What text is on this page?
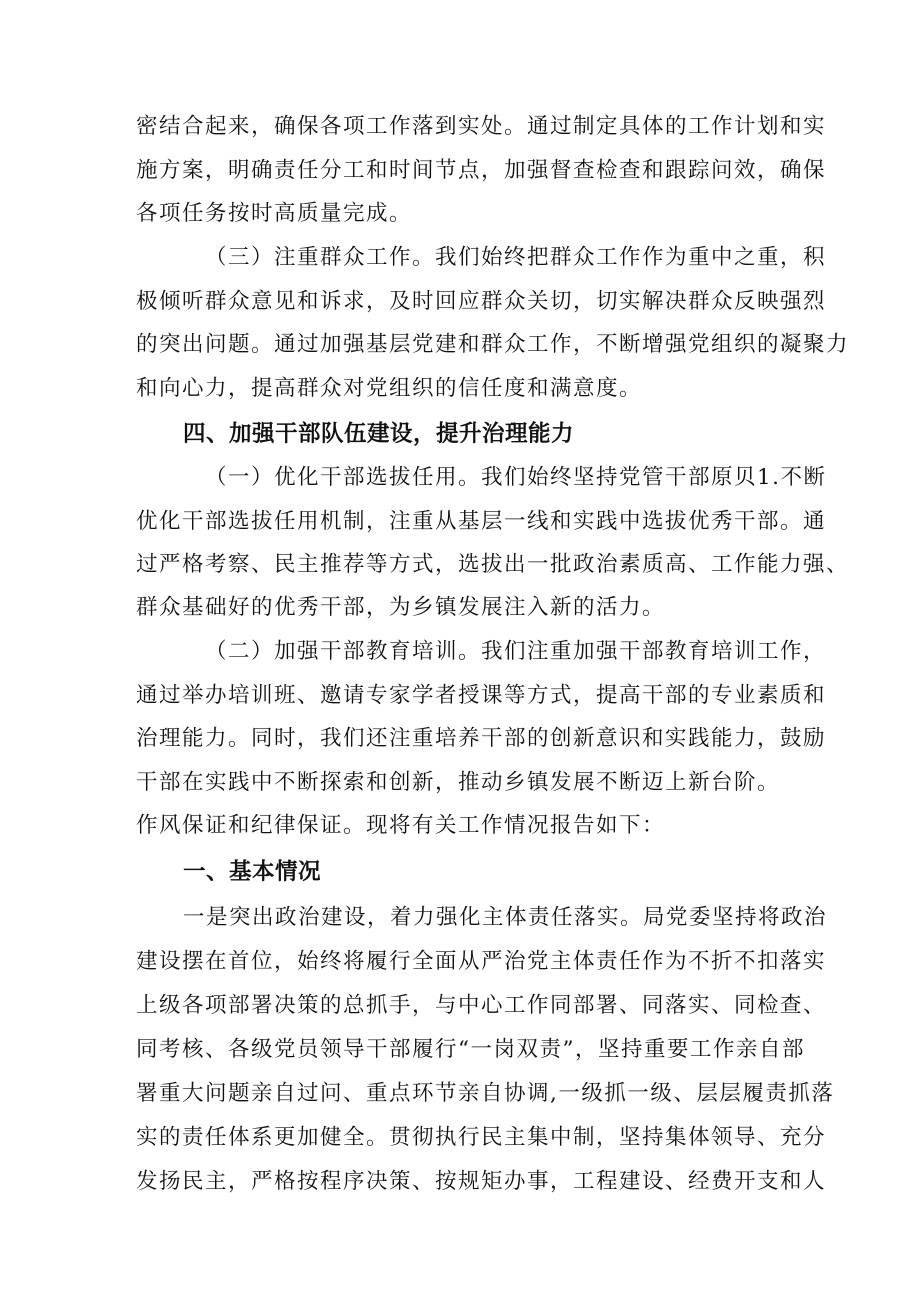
密结合起来，确保各项工作落到实处。通过制定具体的工作计划和实
施方案，明确责任分工和时间节点，加强督查检查和跟踪问效，确保
各项任务按时高质量完成。
（三）注重群众工作。我们始终把群众工作作为重中之重，积
极倾听群众意见和诉求，及时回应群众关切，切实解决群众反映强烈
的突出问题。通过加强基层党建和群众工作，不断增强党组织的凝聚力
和向心力，提高群众对党组织的信任度和满意度。
四、加强干部队伍建设，提升治理能力
（一）优化干部选拔任用。我们始终坚持党管干部原贝1.不断
优化干部选拔任用机制，注重从基层一线和实践中选拔优秀干部。通
过严格考察、民主推荐等方式，选拔出一批政治素质高、工作能力强、
群众基础好的优秀干部，为乡镇发展注入新的活力。
（二）加强干部教育培训。我们注重加强干部教育培训工作，
通过举办培训班、邀请专家学者授课等方式，提高干部的专业素质和
治理能力。同时，我们还注重培养干部的创新意识和实践能力，鼓励
干部在实践中不断探索和创新，推动乡镇发展不断迈上新台阶。
作风保证和纪律保证。现将有关工作情况报告如下：
一、基本情况
一是突出政治建设，着力强化主体责任落实。局党委坚持将政治
建设摆在首位，始终将履行全面从严治党主体责任作为不折不扣落实
上级各项部署决策的总抓手，与中心工作同部署、同落实、同检查、
同考核、各级党员领导干部履行“一岗双责”，坚持重要工作亲自部
署重大问题亲自过问、重点环节亲自协调,一级抓一级、层层履责抓落
实的责任体系更加健全。贯彻执行民主集中制，坚持集体领导、充分
发扬民主，严格按程序决策、按规矩办事，工程建设、经费开支和人
